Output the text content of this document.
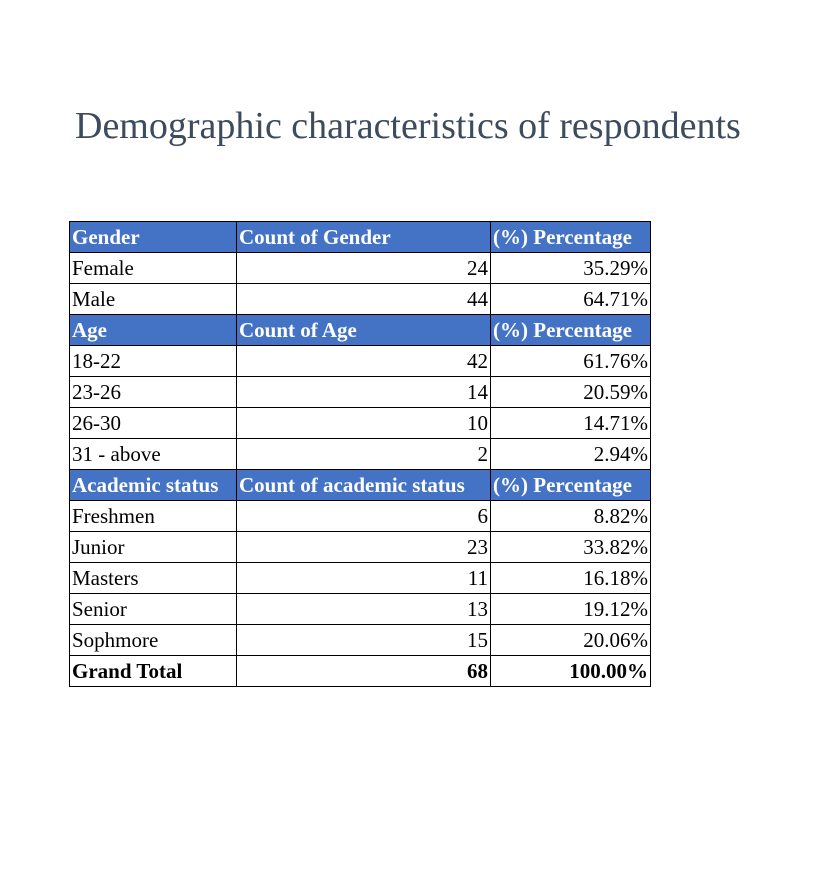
Demographic characteristics of respondents
Gender	Count of Gender	(%) Percentage
Female	24	35.29%
Male	44	64.71%
Age	Count of Age	(%) Percentage
18-22	42	61.76%
23-26	14	20.59%
26-30	10	14.71%
31 - above	2	2.94%
Academic status	Count of academic status	(%) Percentage
Freshmen	6	8.82%
Junior	23	33.82%
Masters	11	16.18%
Senior	13	19.12%
Sophmore	15	20.06%
Grand Total	68	100.00%
